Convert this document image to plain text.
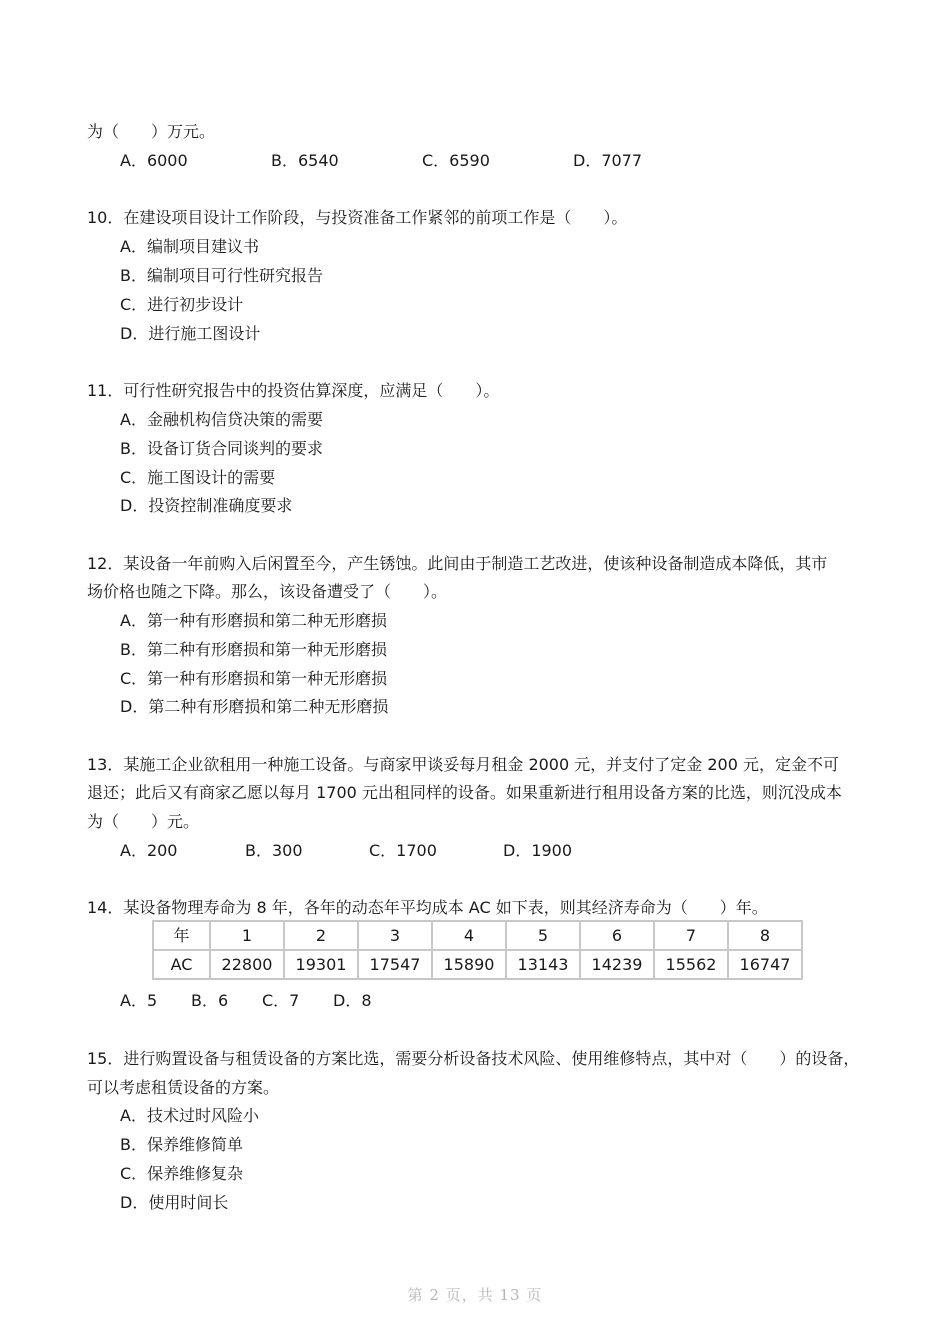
为（　　）万元。
A．6000	B．6540	C．6590	D．7077
10．在建设项目设计工作阶段，与投资准备工作紧邻的前项工作是（　　）。
A．编制项目建议书
B．编制项目可行性研究报告
C．进行初步设计
D．进行施工图设计
11．可行性研究报告中的投资估算深度，应满足（　　）。
A．金融机构信贷决策的需要
B．设备订货合同谈判的要求
C．施工图设计的需要
D．投资控制准确度要求
12．某设备一年前购入后闲置至今，产生锈蚀。此间由于制造工艺改进，使该种设备制造成本降低，其市
场价格也随之下降。那么，该设备遭受了（　　）。
A．第一种有形磨损和第二种无形磨损
B．第二种有形磨损和第一种无形磨损
C．第一种有形磨损和第一种无形磨损
D．第二种有形磨损和第二种无形磨损
13．某施工企业欲租用一种施工设备。与商家甲谈妥每月租金 2000 元，并支付了定金 200 元，定金不可
退还；此后又有商家乙愿以每月 1700 元出租同样的设备。如果重新进行租用设备方案的比选，则沉没成本
为（　　）元。
A．200	B．300	C．1700	D．1900
14．某设备物理寿命为 8 年，各年的动态年平均成本 AC 如下表，则其经济寿命为（　　）年。
年	1	2	3	4	5	6	7	8
AC	22800	19301	17547	15890	13143	14239	15562	16747
A．5 B．6 C．7 D．8
15．进行购置设备与租赁设备的方案比选，需要分析设备技术风险、使用维修特点，其中对（　　）的设备，
可以考虑租赁设备的方案。
A．技术过时风险小
B．保养维修简单
C．保养维修复杂
D．使用时间长
第 2 页，共 13 页
